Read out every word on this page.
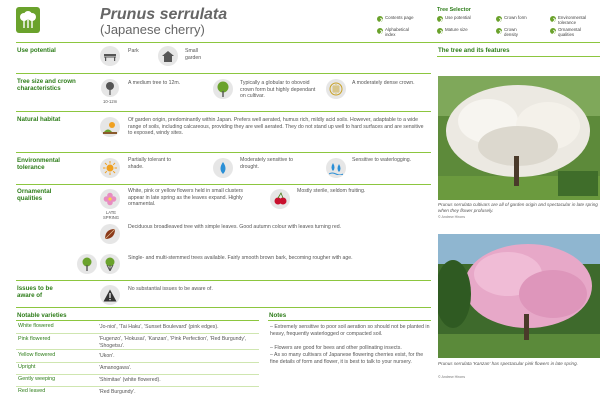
Prunus serrulata
(Japanese cherry)
Contents page
Alphabetical index
Tree Selector
Use potential	Crown form	Environmental tolerance
Mature size	Crown density
Ornamental qualities
Use potential	Park	Small garden
Tree size and crown characteristics
10-12m
A medium tree to 12m.	Typically a globular to obovoid crown form but highly dependant on cultivar.
A moderately dense crown.
Natural habitat	Of garden origin, predominantly within Japan. Prefers well aerated, humus rich, mildly acid soils. However, adaptable to a wide range of soils, including calcareous, providing they are well aerated. They do not stand up well to hard surfaces and are sensitive to exposed, windy sites.
Environmental tolerance
Partially tolerant to shade.
Moderately sensitive to drought.
Sensitive to waterlogging.
Ornamental qualities
LATE SPRING
White, pink or yellow flowers held in small clusters appear in late spring as the leaves expand. Highly ornamental.
Mostly sterile, seldom fruiting.
Deciduous broadleaved tree with simple leaves. Good autumn colour with leaves turning red.
Single- and multi-stemmed trees available. Fairly smooth brown bark, becoming rougher with age.
Issues to be aware of
No substantial issues to be aware of.
Notable varieties
White flowered	'Jo-nioi', 'Tai Haku', 'Sunset Boulevard' (pink edges).
Pink flowered	'Fugenzo', 'Hokusai', 'Kanzan', 'Pink Perfection', 'Red Burgundy', 'Shogetsu'.
Yellow flowered	'Ukon'.
Upright	'Amanogawa'.
Gently weeping	'Shimitae' (white flowered).
Red leaved	'Red Burgundy'.
Notes
– Extremely sensitive to poor soil aeration so should not be planted in heavy, frequently waterlogged or compacted soil.
– Flowers are good for bees and other pollinating insects.
– As so many cultivars of Japanese flowering cherries exist, for the fine details of form and flower, it is best to talk to your nursery.
The tree and its features
Prunus serrulata cultivars are all of garden origin and spectacular in late spring when they flower profusely.
© Andrew Hirons
Prunus serrulata 'Kanzan' has spectacular pink flowers in late spring.
© Andrew Hirons
